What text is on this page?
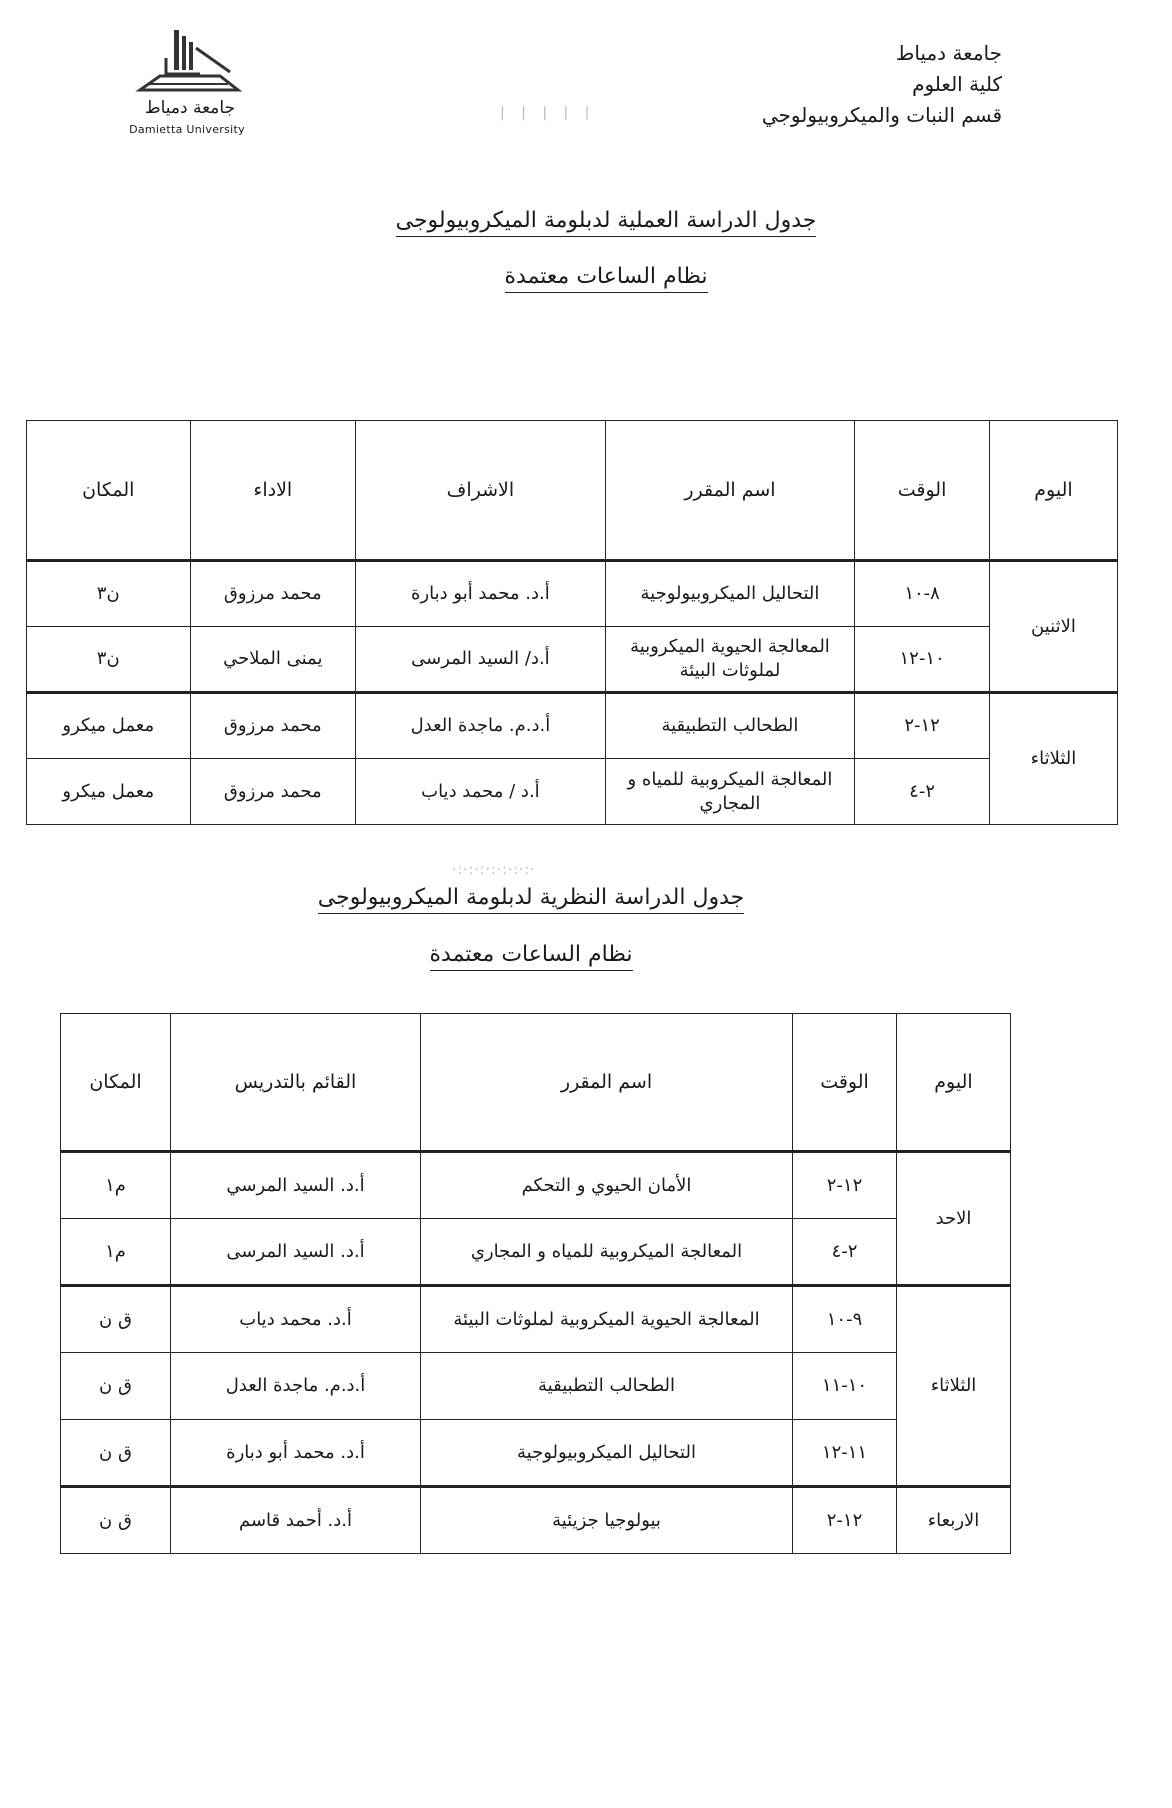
جامعة دمياط
Damietta University
جامعة دمياط
كلية العلوم
قسم النبات والميكروبيولوجي
| | | | |
جدول الدراسة العملية لدبلومة الميكروبيولوجى
نظام الساعات معتمدة
اليوم	الوقت	اسم المقرر	الاشراف	الاداء	المكان
الاثنين	٨-١٠	التحاليل الميكروبيولوجية	أ.د. محمد أبو دبارة	محمد مرزوق	ن٣
	١٠-١٢	المعالجة الحيوية الميكروبية لملوثات البيئة	أ.د/ السيد المرسى	يمنى الملاحي	ن٣
الثلاثاء	١٢-٢	الطحالب التطبيقية	أ.د.م. ماجدة العدل	محمد مرزوق	معمل ميكرو
	٢-٤	المعالجة الميكروبية للمياه و المجاري	أ.د / محمد دياب	محمد مرزوق	معمل ميكرو
·:·:·:·:·:·:·:·
جدول الدراسة النظرية لدبلومة الميكروبيولوجى
نظام الساعات معتمدة
اليوم	الوقت	اسم المقرر	القائم بالتدريس	المكان
الاحد	١٢-٢	الأمان الحيوي و التحكم	أ.د. السيد المرسي	م١
	٢-٤	المعالجة الميكروبية للمياه و المجاري	أ.د. السيد المرسى	م١
الثلاثاء	٩-١٠	المعالجة الحيوية الميكروبية لملوثات البيئة	أ.د. محمد دياب	ق ن
	١٠-١١	الطحالب التطبيقية	أ.د.م. ماجدة العدل	ق ن
	١١-١٢	التحاليل الميكروبيولوجية	أ.د. محمد أبو دبارة	ق ن
الاربعاء	١٢-٢	بيولوجيا جزيئية	أ.د. أحمد قاسم	ق ن
